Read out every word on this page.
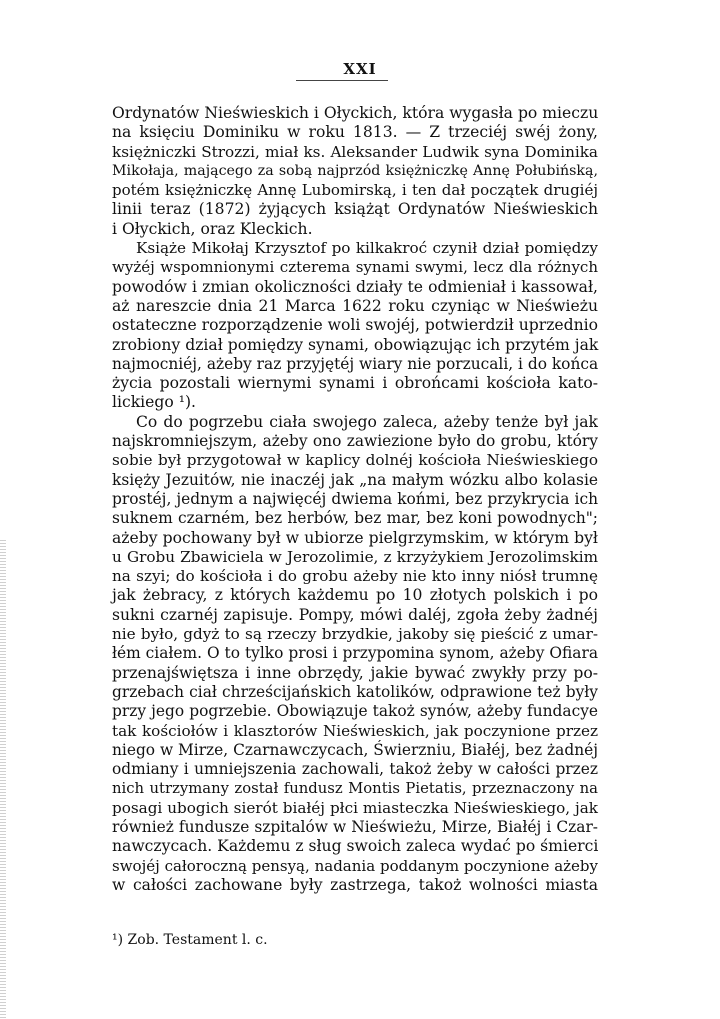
XXI
Ordynatów Nieświeskich i Ołyckich, która wygasła po mieczu
na księciu Dominiku w roku 1813. — Z trzeciéj swéj żony,
księżniczki Strozzi, miał ks. Aleksander Ludwik syna Dominika
Mikołaja, mającego za sobą najprzód księżniczkę Annę Połubińską,
potém księżniczkę Annę Lubomirską, i ten dał początek drugiéj
linii teraz (1872) żyjących książąt Ordynatów Nieświeskich
i Ołyckich, oraz Kleckich.
Książe Mikołaj Krzysztof po kilkakroć czynił dział pomiędzy
wyżéj wspomnionymi czterema synami swymi, lecz dla różnych
powodów i zmian okoliczności działy te odmieniał i kassował,
aż nareszcie dnia 21 Marca 1622 roku czyniąc w Nieświeżu
ostateczne rozporządzenie woli swojéj, potwierdził uprzednio
zrobiony dział pomiędzy synami, obowiązując ich przytém jak
najmocniéj, ażeby raz przyjętéj wiary nie porzucali, i do końca
życia pozostali wiernymi synami i obrońcami kościoła kato-
lickiego ¹).
Co do pogrzebu ciała swojego zaleca, ażeby tenże był jak
najskromniejszym, ażeby ono zawiezione było do grobu, który
sobie był przygotował w kaplicy dolnéj kościoła Nieświeskiego
księży Jezuitów, nie inaczéj jak „na małym wózku albo kolasie
prostéj, jednym a najwięcéj dwiema końmi, bez przykrycia ich
suknem czarném, bez herbów, bez mar, bez koni powodnych";
ażeby pochowany był w ubiorze pielgrzymskim, w którym był
u Grobu Zbawiciela w Jerozolimie, z krzyżykiem Jerozolimskim
na szyi; do kościoła i do grobu ażeby nie kto inny niósł trumnę
jak żebracy, z których każdemu po 10 złotych polskich i po
sukni czarnéj zapisuje. Pompy, mówi daléj, zgoła żeby żadnéj
nie było, gdyż to są rzeczy brzydkie, jakoby się pieścić z umar-
łém ciałem. O to tylko prosi i przypomina synom, ażeby Ofiara
przenajświętsza i inne obrzędy, jakie bywać zwykły przy po-
grzebach ciał chrześcijańskich katolików, odprawione też były
przy jego pogrzebie. Obowiązuje takoż synów, ażeby fundacye
tak kościołów i klasztorów Nieświeskich, jak poczynione przez
niego w Mirze, Czarnawczycach, Świerzniu, Białéj, bez żadnéj
odmiany i umniejszenia zachowali, takoż żeby w całości przez
nich utrzymany został fundusz Montis Pietatis, przeznaczony na
posagi ubogich sierót białéj płci miasteczka Nieświeskiego, jak
również fundusze szpitalów w Nieświeżu, Mirze, Białéj i Czar-
nawczycach. Każdemu z sług swoich zaleca wydać po śmierci
swojéj całoroczną pensyą, nadania poddanym poczynione ażeby
w całości zachowane były zastrzega, takoż wolności miasta
¹) Zob. Testament l. c.
